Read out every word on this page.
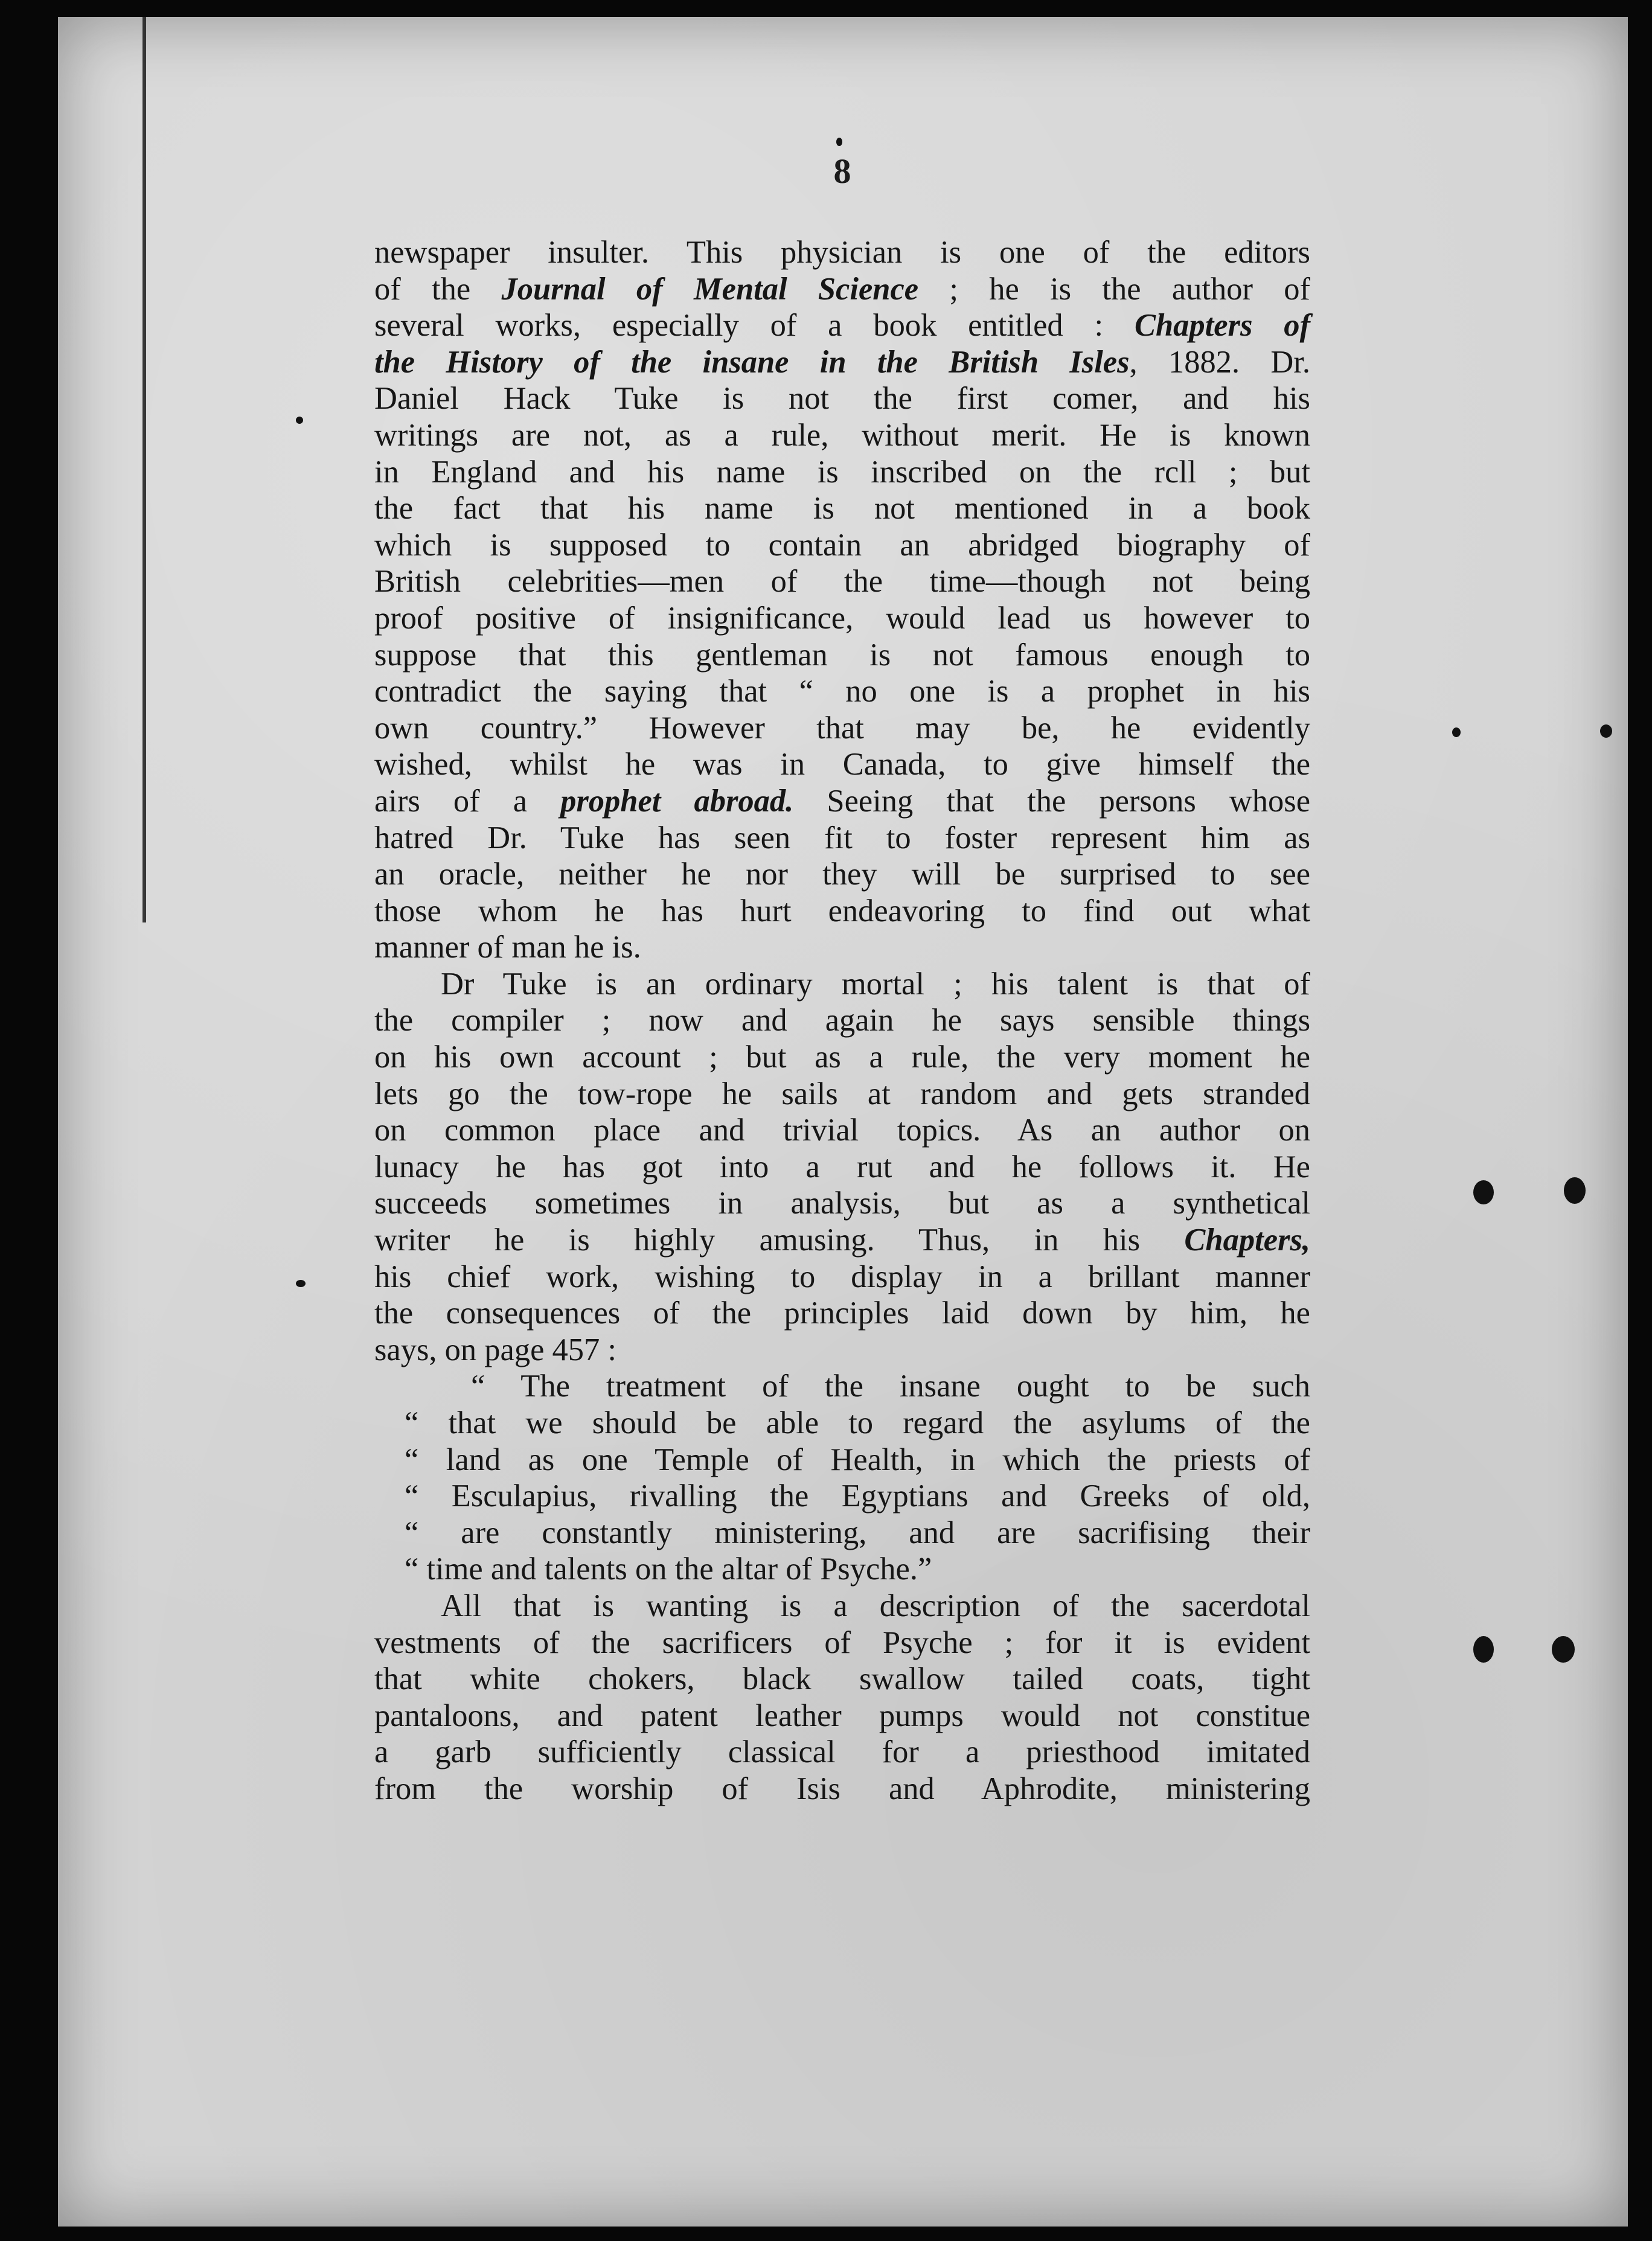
8
newspaper insulter. This physician is one of the editors
of the Journal of Mental Science ; he is the author of
several works, especially of a book entitled : Chapters of
the History of the insane in the British Isles, 1882. Dr.
Daniel Hack Tuke is not the first comer, and his
writings are not, as a rule, without merit. He is known
in England and his name is inscribed on the rcll ; but
the fact that his name is not mentioned in a book
which is supposed to contain an abridged biography of
British celebrities—men of the time—though not being
proof positive of insignificance, would lead us however to
suppose that this gentleman is not famous enough to
contradict the saying that “ no one is a prophet in his
own country.” However that may be, he evidently
wished, whilst he was in Canada, to give himself the
airs of a prophet abroad. Seeing that the persons whose
hatred Dr. Tuke has seen fit to foster represent him as
an oracle, neither he nor they will be surprised to see
those whom he has hurt endeavoring to find out what
manner of man he is.
Dr Tuke is an ordinary mortal ; his talent is that of
the compiler ; now and again he says sensible things
on his own account ; but as a rule, the very moment he
lets go the tow-rope he sails at random and gets stranded
on common place and trivial topics. As an author on
lunacy he has got into a rut and he follows it. He
succeeds sometimes in analysis, but as a synthetical
writer he is highly amusing. Thus, in his Chapters,
his chief work, wishing to display in a brillant manner
the consequences of the principles laid down by him, he
says, on page 457 :
“ The treatment of the insane ought to be such
“ that we should be able to regard the asylums of the
“ land as one Temple of Health, in which the priests of
“ Esculapius, rivalling the Egyptians and Greeks of old,
“ are constantly ministering, and are sacrifising their
“ time and talents on the altar of Psyche.”
All that is wanting is a description of the sacerdotal
vestments of the sacrificers of Psyche ; for it is evident
that white chokers, black swallow tailed coats, tight
pantaloons, and patent leather pumps would not constitue
a garb sufficiently classical for a priesthood imitated
from the worship of Isis and Aphrodite, ministering
